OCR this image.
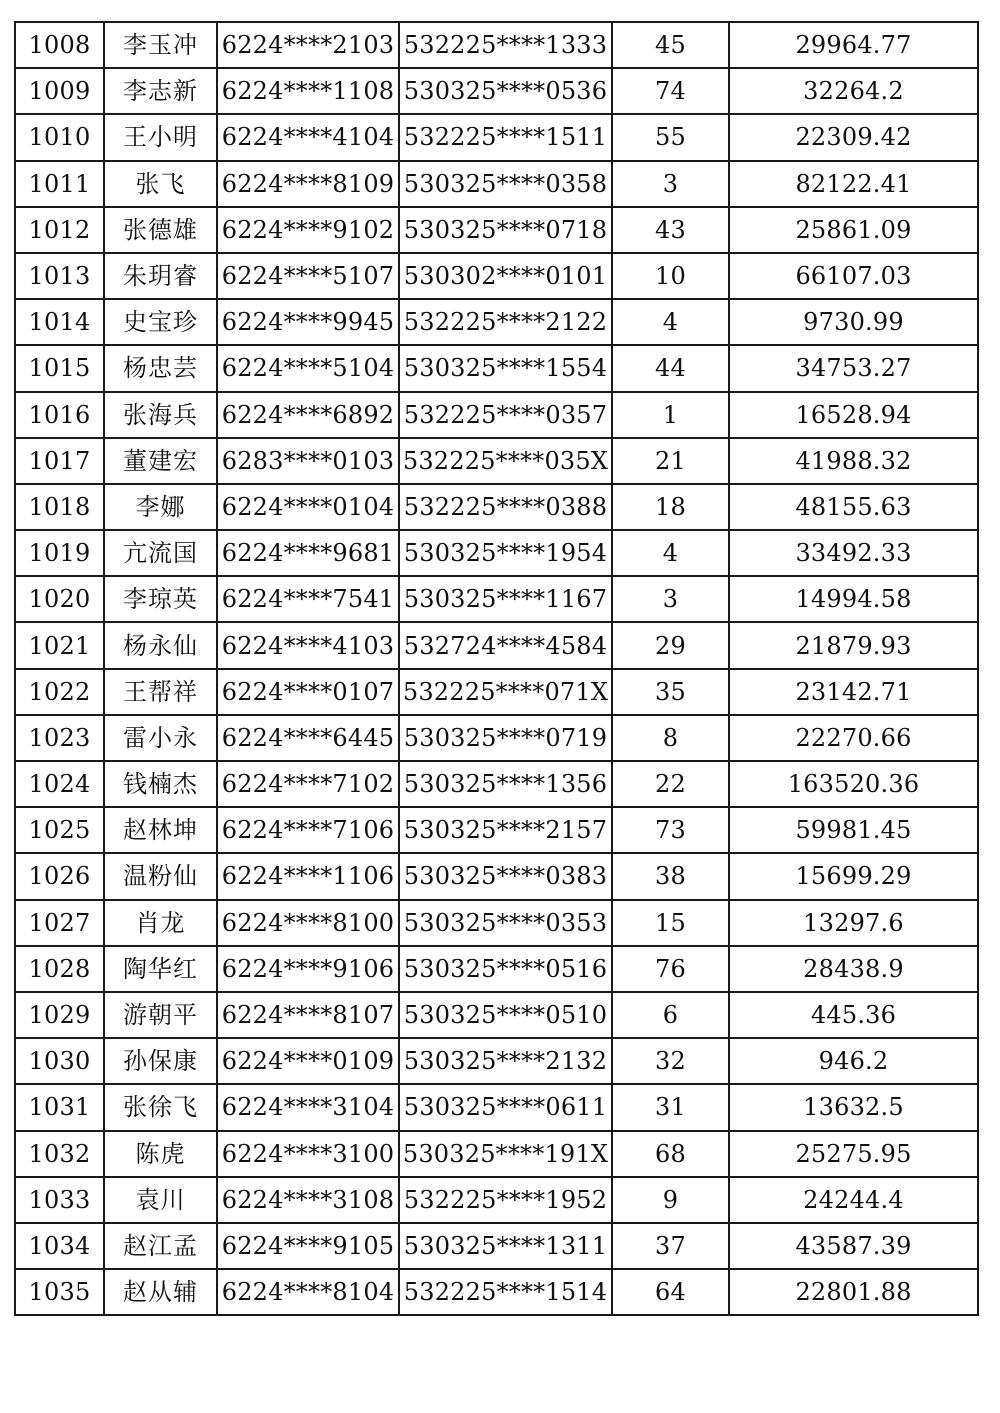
1008	李玉冲	6224****2103	532225****1333	45	29964.77
1009	李志新	6224****1108	530325****0536	74	32264.2
1010	王小明	6224****4104	532225****1511	55	22309.42
1011	张飞	6224****8109	530325****0358	3	82122.41
1012	张德雄	6224****9102	530325****0718	43	25861.09
1013	朱玥睿	6224****5107	530302****0101	10	66107.03
1014	史宝珍	6224****9945	532225****2122	4	9730.99
1015	杨忠芸	6224****5104	530325****1554	44	34753.27
1016	张海兵	6224****6892	532225****0357	1	16528.94
1017	董建宏	6283****0103	532225****035X	21	41988.32
1018	李娜	6224****0104	532225****0388	18	48155.63
1019	亢流国	6224****9681	530325****1954	4	33492.33
1020	李琼英	6224****7541	530325****1167	3	14994.58
1021	杨永仙	6224****4103	532724****4584	29	21879.93
1022	王帮祥	6224****0107	532225****071X	35	23142.71
1023	雷小永	6224****6445	530325****0719	8	22270.66
1024	钱楠杰	6224****7102	530325****1356	22	163520.36
1025	赵林坤	6224****7106	530325****2157	73	59981.45
1026	温粉仙	6224****1106	530325****0383	38	15699.29
1027	肖龙	6224****8100	530325****0353	15	13297.6
1028	陶华红	6224****9106	530325****0516	76	28438.9
1029	游朝平	6224****8107	530325****0510	6	445.36
1030	孙保康	6224****0109	530325****2132	32	946.2
1031	张徐飞	6224****3104	530325****0611	31	13632.5
1032	陈虎	6224****3100	530325****191X	68	25275.95
1033	袁川	6224****3108	532225****1952	9	24244.4
1034	赵江孟	6224****9105	530325****1311	37	43587.39
1035	赵从辅	6224****8104	532225****1514	64	22801.88
